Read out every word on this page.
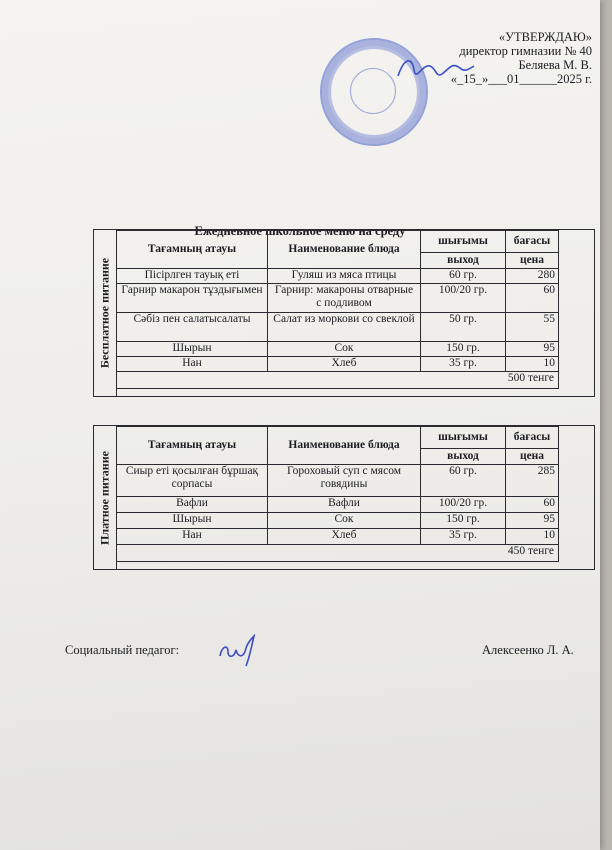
«УТВЕРЖДАЮ»
директор гимназии № 40
Беляева М. В.
«_15_»___01______2025 г.
Ежедневное школьное меню на среду
Бесплатное питание
Тағамның атауы	Наименование блюда	шығымы	бағасы
		выход	цена
Пісірлген тауық еті	Гуляш из мяса птицы	60 гр.	280
Гарнир макарон тұздығымен	Гарнир: макароны отварные с подливом	100/20 гр.	60
Сәбіз пен салатысалаты	Салат из моркови со свеклой	50 гр.	55
Шырын	Сок	150 гр.	95
Нан	Хлеб	35 гр.	10
500 тенге			
Платное питание
Тағамның атауы	Наименование блюда	шығымы	бағасы
		выход	цена
Сиыр еті қосылған бұршақ сорпасы	Гороховый суп с мясом говядины	60 гр.	285
Вафли	Вафли	100/20 гр.	60
Шырын	Сок	150 гр.	95
Нан	Хлеб	35 гр.	10
450 тенге			
Социальный педагог:	Алексеенко Л. А.
